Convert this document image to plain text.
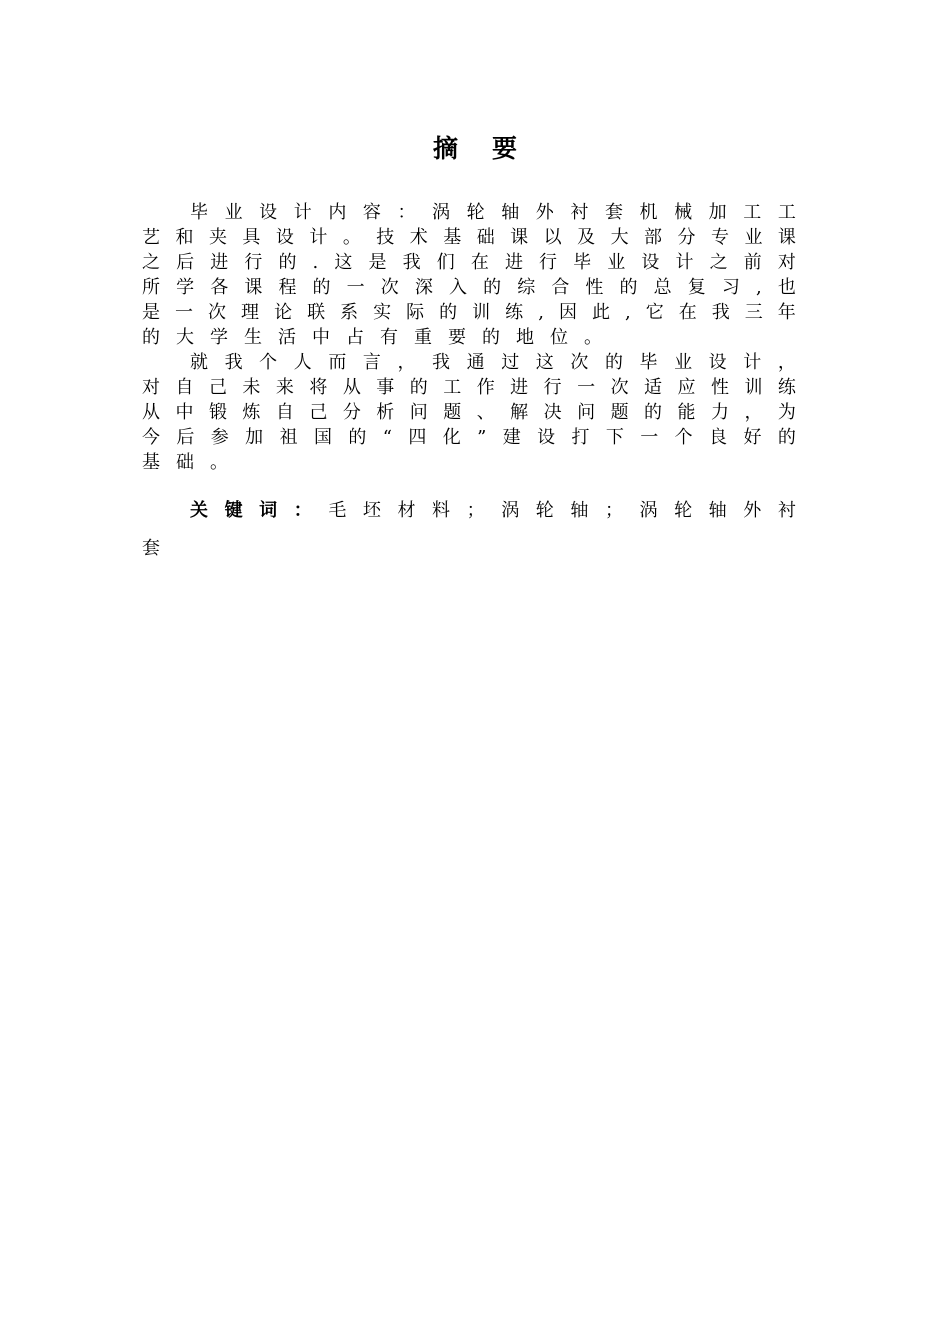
摘 要
毕 业 设 计 内 容 ： 涡 轮 轴 外 衬 套 机 械 加 工 工
艺 和 夹 具 设 计 。 技 术 基 础 课 以 及 大 部 分 专 业 课
之 后 进 行 的 . 这 是 我 们 在 进 行 毕 业 设 计 之 前 对
所 学 各 课 程 的 一 次 深 入 的 综 合 性 的 总 复 习 , 也
是 一 次 理 论 联 系 实 际 的 训 练 , 因 此 , 它 在 我 三 年
的 大 学 生 活 中 占 有 重 要 的 地 位 。
就 我 个 人 而 言 ， 我 通 过 这 次 的 毕 业 设 计 ，
对 自 己 未 来 将 从 事 的 工 作 进 行 一 次 适 应 性 训 练
从 中 锻 炼 自 己 分 析 问 题 、 解 决 问 题 的 能 力 ， 为
今 后 参 加 祖 国 的 “ 四 化 ” 建 设 打 下 一 个 良 好 的
基 础 。
关 键 词 ： 毛 坯 材 料 ； 涡 轮 轴 ； 涡 轮 轴 外 衬
套
